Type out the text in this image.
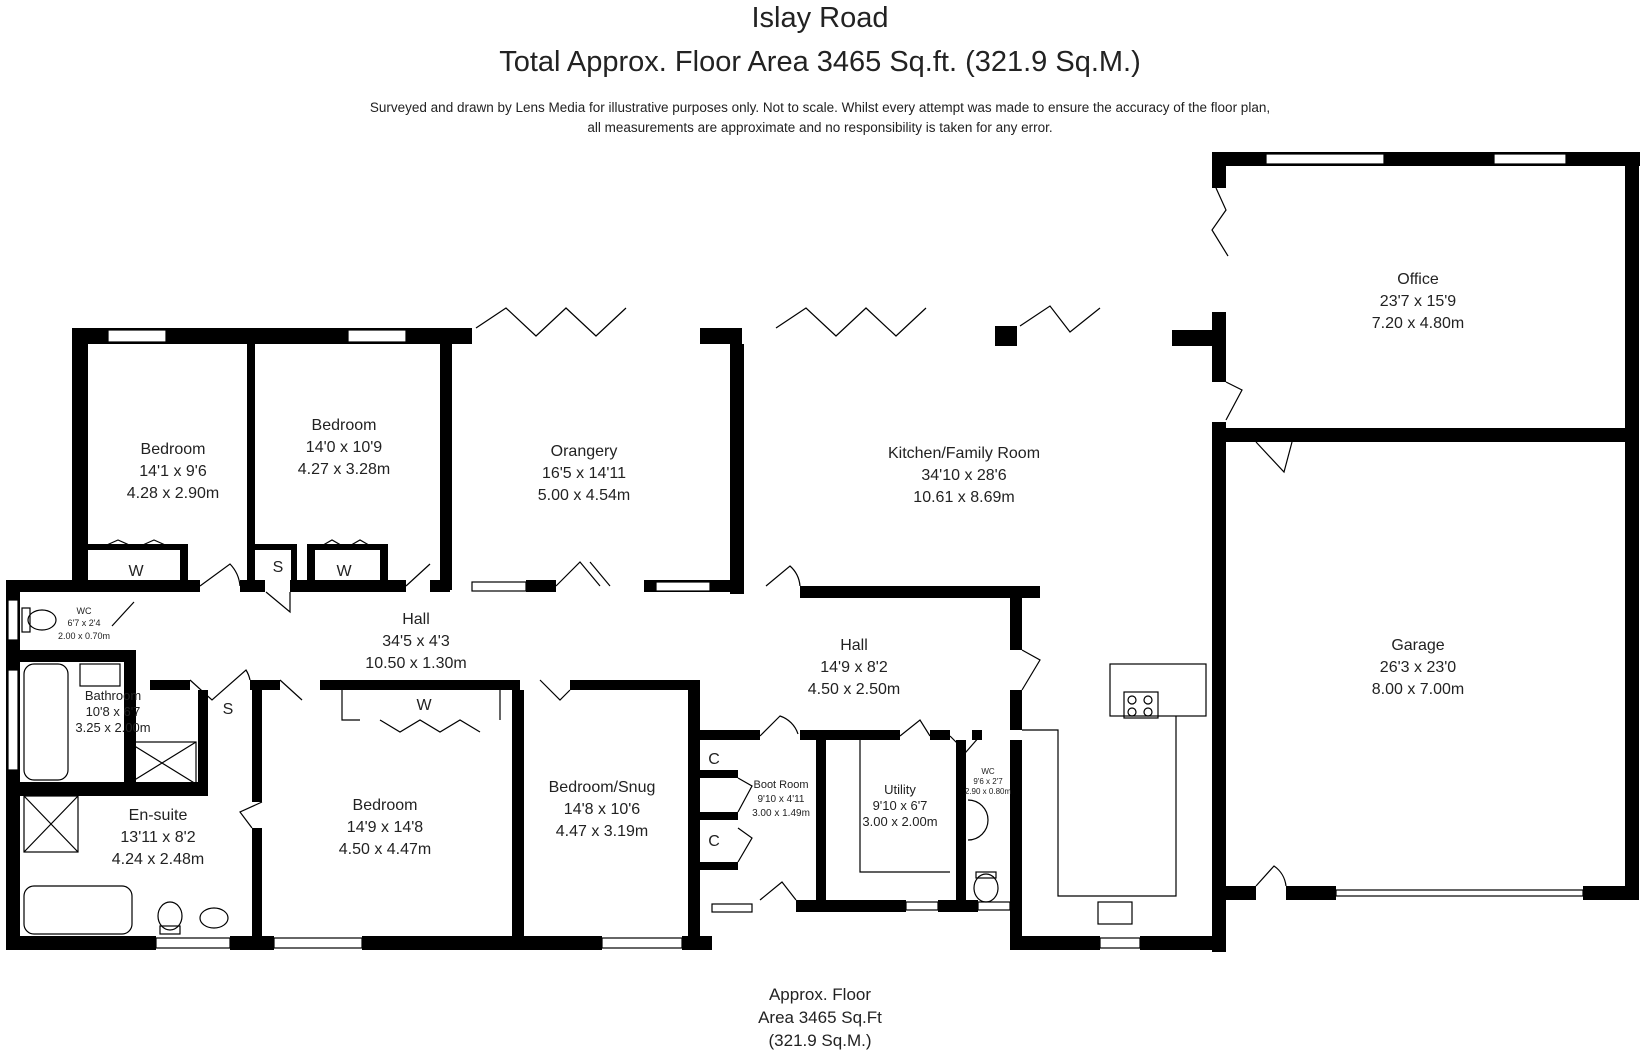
Islay Road
Total Approx. Floor Area 3465 Sq.ft. (321.9 Sq.M.)
Surveyed and drawn by Lens Media for illustrative purposes only. Not to scale. Whilst every attempt was made to ensure the accuracy of the floor plan,
all measurements are approximate and no responsibility is taken for any error.
Bedroom
14'1 x 9'6
4.28 x 2.90m
Bedroom
14'0 x 10'9
4.27 x 3.28m
Orangery
16'5 x 14'11
5.00 x 4.54m
Kitchen/Family Room
34'10 x 28'6
10.61 x 8.69m
Office
23'7 x 15'9
7.20 x 4.80m
Garage
26'3 x 23'0
8.00 x 7.00m
WC
6'7 x 2'4
2.00 x 0.70m
Hall
34'5 x 4'3
10.50 x 1.30m
Hall
14'9 x 8'2
4.50 x 2.50m
Bathroom
10'8 x 6'7
3.25 x 2.00m
En-suite
13'11 x 8'2
4.24 x 2.48m
Bedroom
14'9 x 14'8
4.50 x 4.47m
Bedroom/Snug
14'8 x 10'6
4.47 x 3.19m
Boot Room
9'10 x 4'11
3.00 x 1.49m
Utility
9'10 x 6'7
3.00 x 2.00m
WC
9'6 x 2'7
2.90 x 0.80m
W	W
W
S
S
C
C
Approx. Floor
Area 3465 Sq.Ft
(321.9 Sq.M.)
